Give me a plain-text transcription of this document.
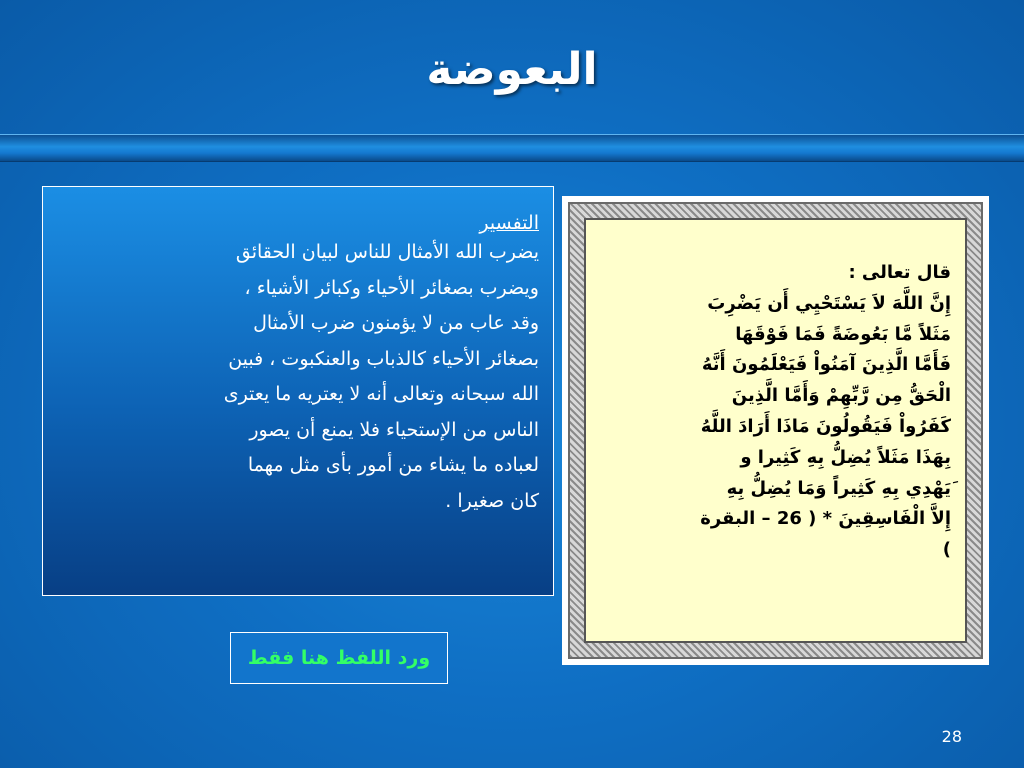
البعوضة
التفسير
يضرب الله الأمثال للناس لبيان الحقائق
ويضرب بصغائر الأحياء وكبائر الأشياء ،
وقد عاب من لا يؤمنون ضرب الأمثال
بصغائر الأحياء كالذباب والعنكبوت ، فبين
الله سبحانه وتعالى أنه لا يعتريه ما يعترى
الناس من الإستحياء فلا يمنع أن يصور
لعباده ما يشاء من أمور بأى مثل مهما
كان صغيرا .
قال تعالى :
إِنَّ اللَّهَ لاَ يَسْتَحْيِي أَن يَضْرِبَ
مَثَلاً مَّا بَعُوضَةً فَمَا فَوْقَهَا
فَأَمَّا الَّذِينَ آمَنُواْ فَيَعْلَمُونَ أَنَّهُ
الْحَقُّ مِن رَّبِّهِمْ وَأَمَّا الَّذِينَ
كَفَرُواْ فَيَقُولُونَ مَاذَا أَرَادَ اللَّهُ
بِهَذَا مَثَلاً يُضِلُّ بِهِ كَثِيرا و
َيَهْدِي بِهِ كَثِيراً وَمَا يُضِلُّ بِهِ
إِلاَّ الْفَاسِقِينَ * ( 26 – البقرة
)
ورد اللفظ هنا فقط
28
